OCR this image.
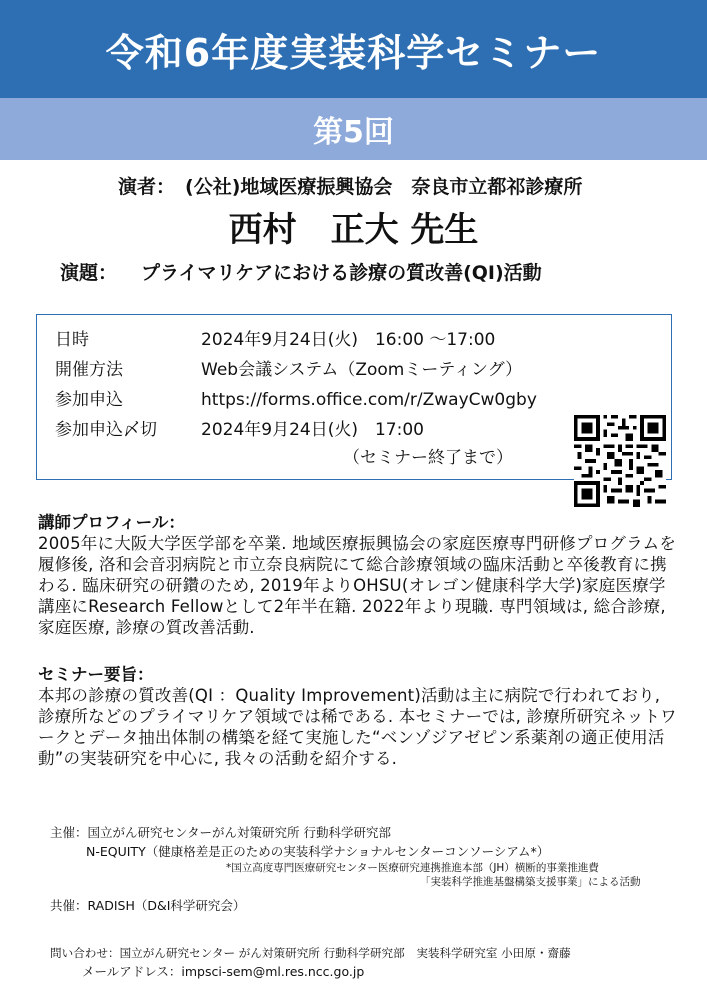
令和6年度実装科学セミナー
第5回
演者： (公社)地域医療振興協会　奈良市立都祁診療所
西村　正大 先生
演題： プライマリケアにおける診療の質改善(QI)活動
日時	2024年9月24日(火)　16:00 ～17:00
開催方法	Web会議システム（Zoomミーティング）
参加申込	https://forms.office.com/r/ZwayCw0gby
参加申込〆切	2024年9月24日(火)　17:00
（セミナー終了まで）
講師プロフィール：
2005年に大阪大学医学部を卒業. 地域医療振興協会の家庭医療専門研修プログラムを履修後, 洛和会音羽病院と市立奈良病院にて総合診療領域の臨床活動と卒後教育に携わる. 臨床研究の研鑽のため, 2019年よりOHSU(オレゴン健康科学大学)家庭医療学講座にResearch Fellowとして2年半在籍. 2022年より現職. 専門領域は, 総合診療, 家庭医療, 診療の質改善活動.
セミナー要旨：
本邦の診療の質改善(QI ：Quality Improvement)活動は主に病院で行われており, 診療所などのプライマリケア領域では稀である. 本セミナーでは, 診療所研究ネットワークとデータ抽出体制の構築を経て実施した“ベンゾジアゼピン系薬剤の適正使用活動”の実装研究を中心に, 我々の活動を紹介する.
主催：国立がん研究センターがん対策研究所 行動科学研究部
N-EQUITY（健康格差是正のための実装科学ナショナルセンターコンソーシアム*）
*国立高度専門医療研究センター医療研究連携推進本部（JH）横断的事業推進費
「実装科学推進基盤構築支援事業」による活動
共催：RADISH（D&I科学研究会）
問い合わせ：国立がん研究センター がん対策研究所 行動科学研究部　実装科学研究室 小田原・齋藤
メールアドレス：impsci-sem@ml.res.ncc.go.jp
